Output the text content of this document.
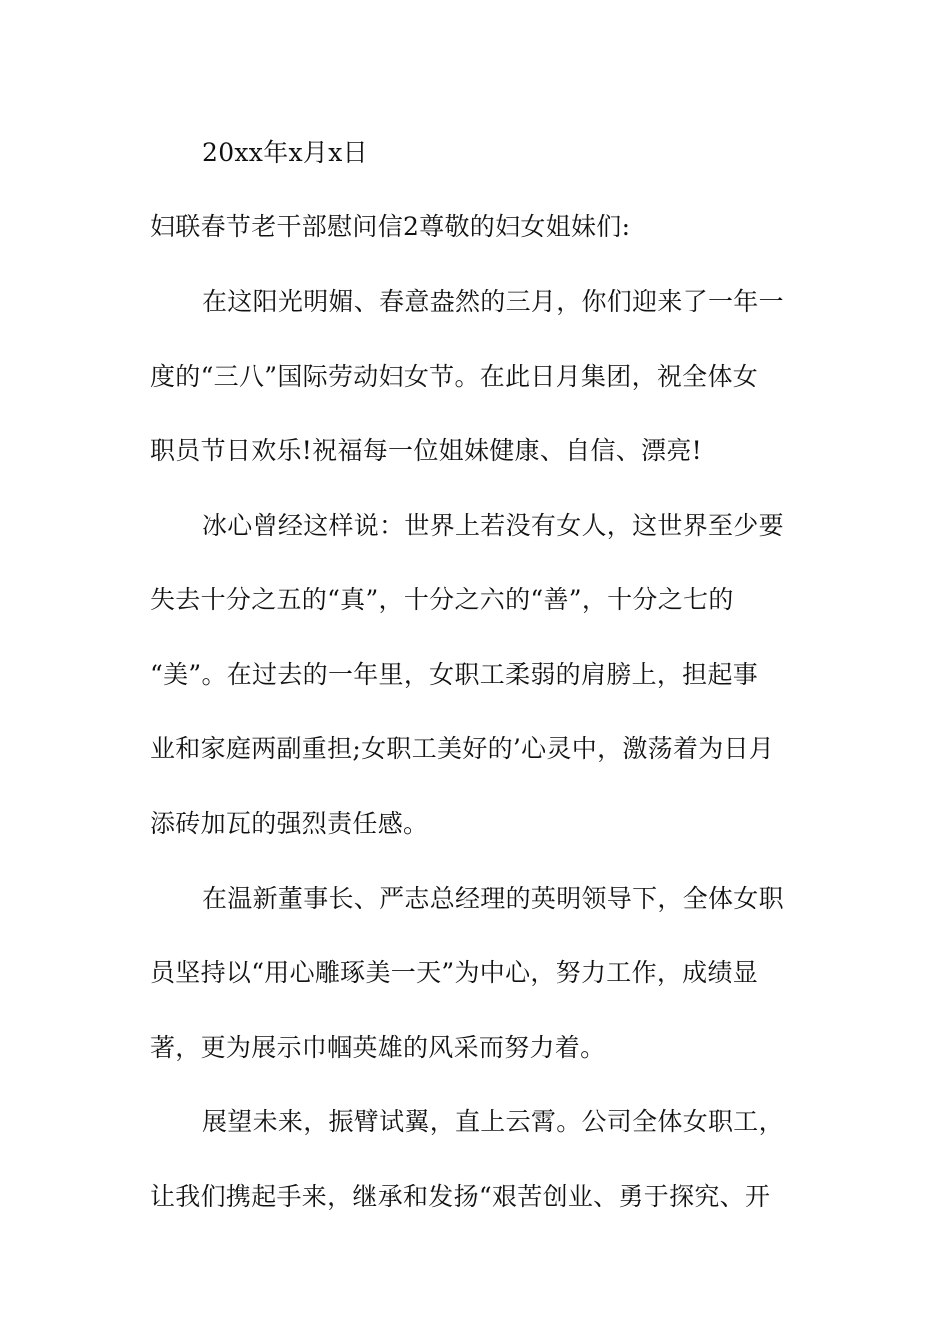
20xx年x月x日
妇联春节老干部慰问信2尊敬的妇女姐妹们:
在这阳光明媚、春意盎然的三月，你们迎来了一年一
度的“三八”国际劳动妇女节。在此日月集团，祝全体女
职员节日欢乐!祝福每一位姐妹健康、自信、漂亮!
冰心曾经这样说：世界上若没有女人，这世界至少要
失去十分之五的“真”，十分之六的“善”，十分之七的
“美”。在过去的一年里，女职工柔弱的肩膀上，担起事
业和家庭两副重担;女职工美好的’心灵中，激荡着为日月
添砖加瓦的强烈责任感。
在温新董事长、严志总经理的英明领导下，全体女职
员坚持以“用心雕琢美一天”为中心，努力工作，成绩显
著，更为展示巾帼英雄的风采而努力着。
展望未来，振臂试翼，直上云霄。公司全体女职工，
让我们携起手来，继承和发扬“艰苦创业、勇于探究、开
